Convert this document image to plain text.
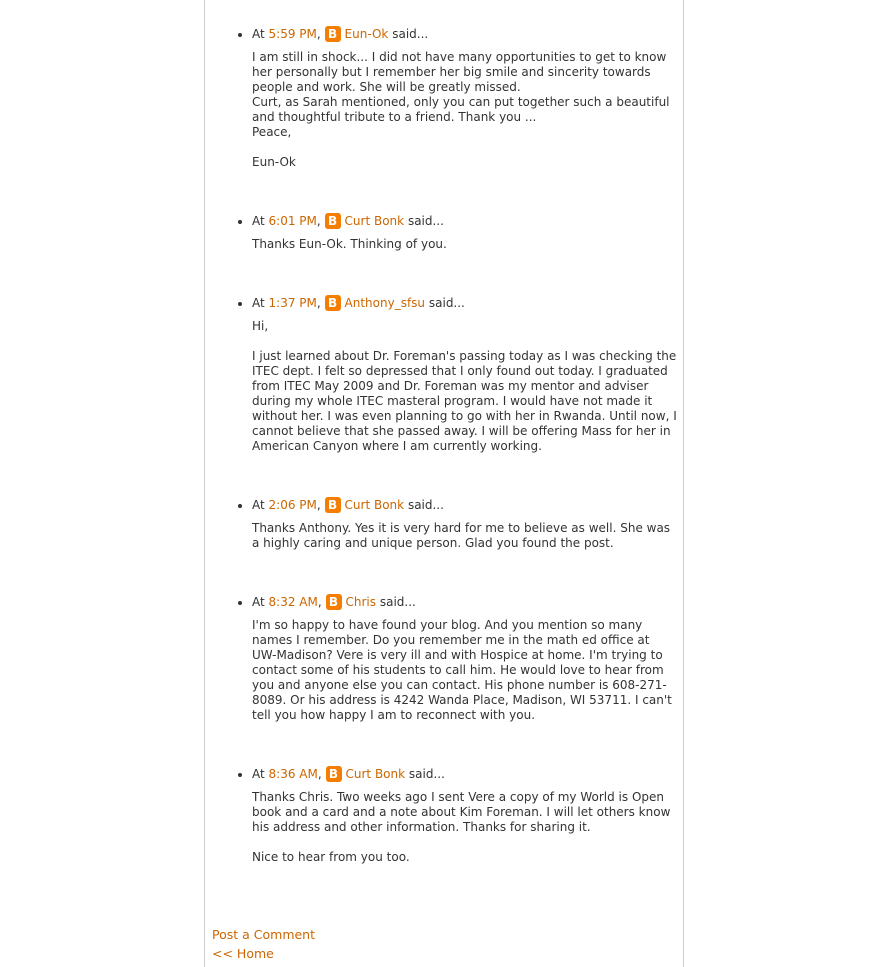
• At
5:59 PM , B Eun-Ok
said...

I am still in shock... I did not have many opportunities to get to know her personally but I remember her big smile and sincerity towards people and work. She will be greatly missed.
Curt, as Sarah mentioned, only you can put together such a beautiful and thoughtful tribute to a friend. Thank you ...
Peace,

Eun-Ok

• At
6:01 PM , B Curt Bonk
said...

Thanks Eun-Ok. Thinking of you.

• At
1:37 PM , B Anthony_sfsu
said...

Hi,

I just learned about Dr. Foreman's passing today as I was checking the ITEC dept. I felt so depressed that I only found out today. I graduated from ITEC May 2009 and Dr. Foreman was my mentor and adviser during my whole ITEC masteral program. I would have not made it without her. I was even planning to go with her in Rwanda. Until now, I cannot believe that she passed away. I will be offering Mass for her in American Canyon where I am currently working.

• At
2:06 PM , B Curt Bonk
said...

Thanks Anthony. Yes it is very hard for me to believe as well. She was a highly caring and unique person. Glad you found the post.

• At
8:32 AM , B Chris
said...

I'm so happy to have found your blog. And you mention so many names I remember. Do you remember me in the math ed office at UW-Madison? Vere is very ill and with Hospice at home. I'm trying to contact some of his students to call him. He would love to hear from you and anyone else you can contact. His phone number is 608-271-8089. Or his address is 4242 Wanda Place, Madison, WI 53711. I can't tell you how happy I am to reconnect with you.

• At
8:36 AM , B Curt Bonk
said...

Thanks Chris. Two weeks ago I sent Vere a copy of my World is Open book and a card and a note about Kim Foreman. I will let others know his address and other information. Thanks for sharing it.

Nice to hear from you too.

Post a Comment
<< Home
